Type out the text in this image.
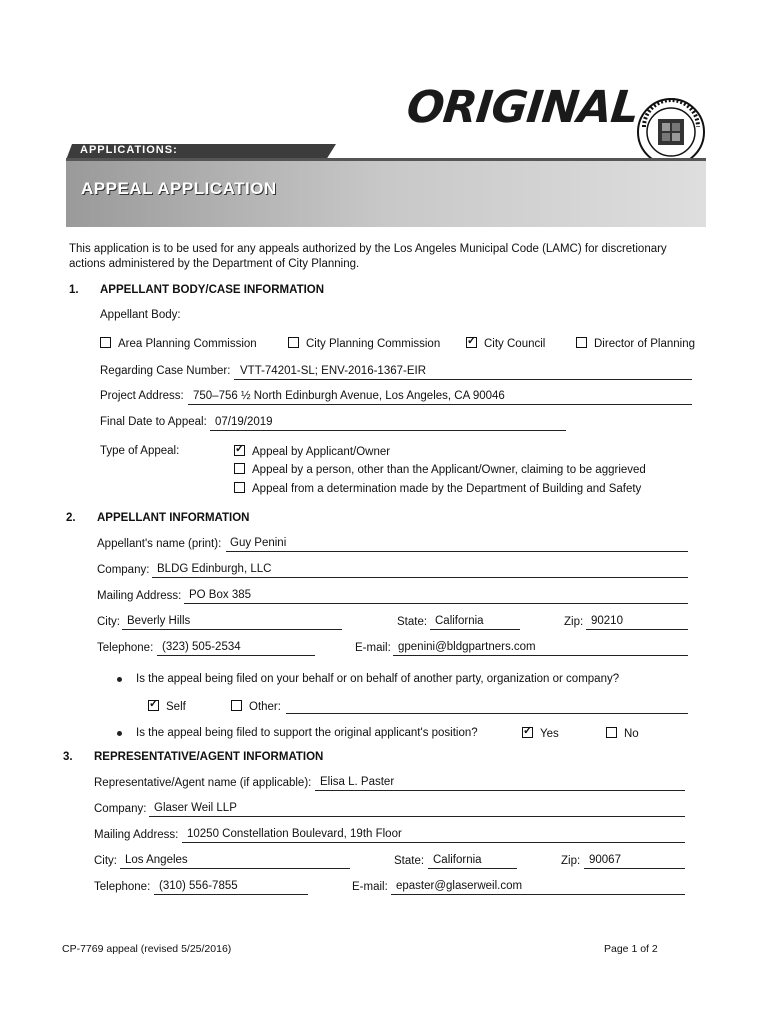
ORIGINAL
APPLICATIONS:
APPEAL APPLICATION
This application is to be used for any appeals authorized by the Los Angeles Municipal Code (LAMC) for discretionary actions administered by the Department of City Planning.
1. APPELLANT BODY/CASE INFORMATION
Appellant Body:
Area Planning Commission	City Planning Commission ✓	City Council	Director of Planning
Regarding Case Number: VTT-74201-SL; ENV-2016-1367-EIR
Project Address: 750–756 ½ North Edinburgh Avenue, Los Angeles, CA 90046
Final Date to Appeal: 07/19/2019
Type of Appeal: ✓	Appeal by Applicant/Owner
Appeal by a person, other than the Applicant/Owner, claiming to be aggrieved
Appeal from a determination made by the Department of Building and Safety
2. APPELLANT INFORMATION
Appellant's name (print): Guy Penini
Company: BLDG Edinburgh, LLC
Mailing Address: PO Box 385
City: Beverly Hills	State: California	Zip: 90210
Telephone: (323) 505-2534	E-mail: gpenini@bldgpartners.com
Is the appeal being filed on your behalf or on behalf of another party, organization or company?
✓Self	Other:
Is the appeal being filed to support the original applicant's position? ✓	Yes	No
3. REPRESENTATIVE/AGENT INFORMATION
Representative/Agent name (if applicable): Elisa L. Paster
Company: Glaser Weil LLP
Mailing Address: 10250 Constellation Boulevard, 19th Floor
City: Los Angeles	State: California	Zip: 90067
Telephone: (310) 556-7855	E-mail: epaster@glaserweil.com
CP-7769 appeal (revised 5/25/2016)	Page 1 of 2
